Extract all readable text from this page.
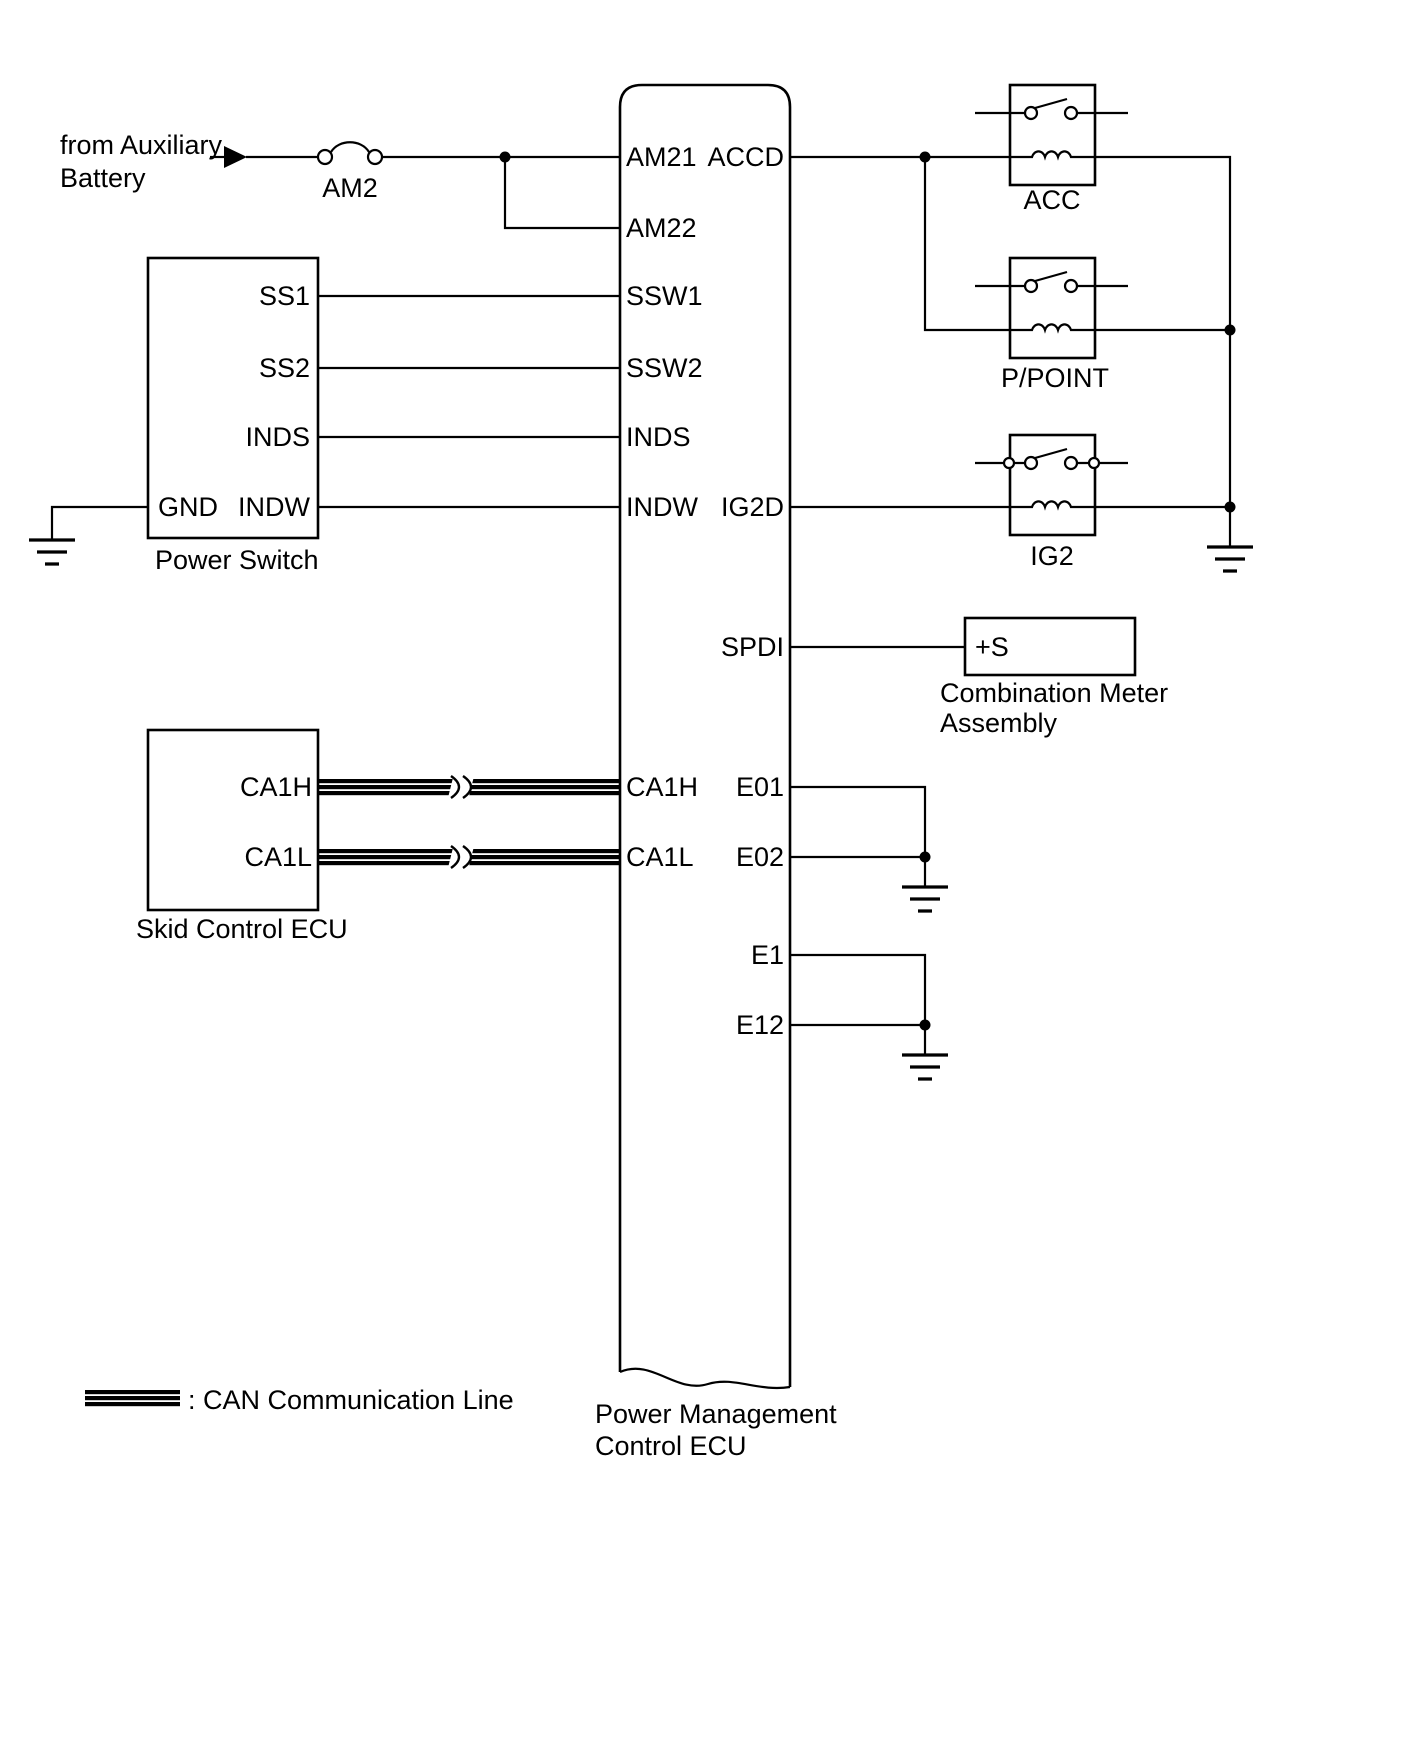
from Auxiliary
Battery	AM2
AM21
AM22
SSW1
SSW2
INDS
INDW
CA1H
CA1L
ACCD
IG2D
SPDI
E01
E02
E1
E12
SS1
SS2
INDS
INDW
GND
Power Switch
CA1H
CA1L
Skid Control ECU
ACC
P/POINT
IG2
+S
Combination Meter
Assembly
: CAN Communication Line	Power Management
Control ECU
